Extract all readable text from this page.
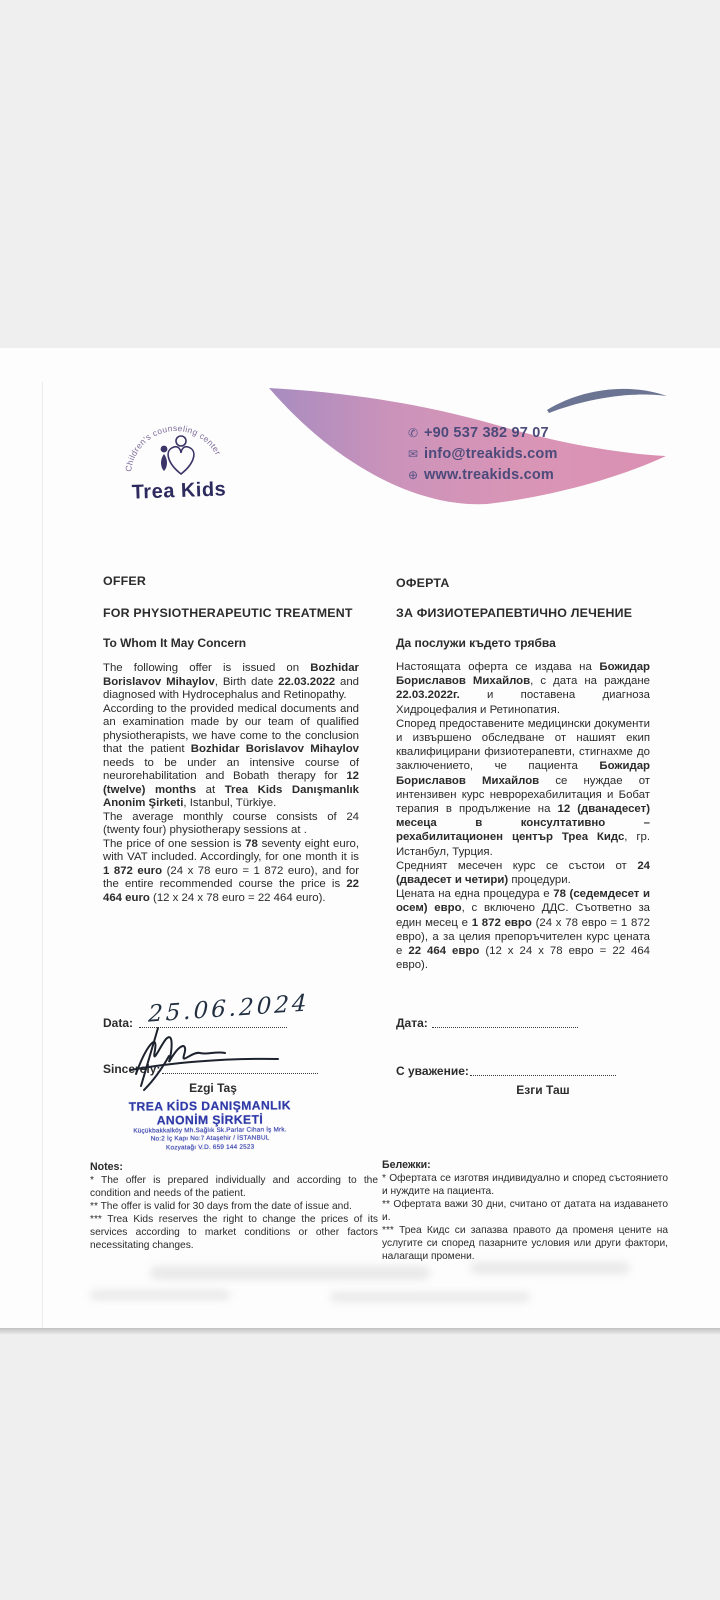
✆ +90 537 382 97 07
✉ info@treakids.com
⊕ www.treakids.com
Children's counseling center
Trea Kids
OFFER
FOR PHYSIOTHERAPEUTIC TREATMENT
To Whom It May Concern

The following offer is issued on Bozhidar Borislavov Mihaylov, Birth date 22.03.2022 and diagnosed with Hydrocephalus and Retinopathy.

According to the provided medical documents and an examination made by our team of qualified physiotherapists, we have come to the conclusion that the patient Bozhidar Borislavov Mihaylov needs to be under an intensive course of neurorehabilitation and Bobath therapy for 12 (twelve) months at Trea Kids Danışmanlık Anonim Şirketi, Istanbul, Türkiye.

The average monthly course consists of 24 (twenty four) physiotherapy sessions at .

The price of one session is 78 seventy eight euro, with VAT included. Accordingly, for one month it is 1 872 euro (24 x 78 euro = 1 872 euro), and for the entire recommended course the price is 22 464 euro (12 x 24 x 78 euro = 22 464 euro).

ОФЕРТА
ЗА ФИЗИОТЕРАПЕВТИЧНО ЛЕЧЕНИЕ
Да послужи където трябва

Настоящата оферта се издава на Божидар Бориславов Михайлов, с дата на раждане 22.03.2022г. и поставена диагноза Хидроцефалия и Ретинопатия.

Според предоставените медицински документи и извършено обследване от нашият екип квалифицирани физиотерапевти, стигнахме до заключението, че пациента Божидар Бориславов Михайлов се нуждае от интензивен курс неврорехабилитация и Бобат терапия в продължение на 12 (дванадесет) месеца в консултативно – рехабилитационен център Треа Кидс, гр. Истанбул, Турция.

Средният месечен курс се състои от 24 (двадесет и четири) процедури.

Цената на една процедура е 78 (седемдесет и осем) евро, с включено ДДС. Съответно за един месец е 1 872 евро (24 x 78 евро = 1 872 евро), а за целия препоръчителен курс цената е 22 464 евро (12 x 24 x 78 евро = 22 464 евро).

Data: 25.06.2024
Sincerely:
Ezgi Taş
Дата:
С уважение:
Езги Таш
TREA KİDS DANIŞMANLIK
ANONİM ŞİRKETİ
Küçükbakkalköy Mh.Sağlık Sk.Parlar Cihan İş Mrk.
No:2 İç Kapı No:7 Ataşehir / İSTANBUL
Kozyatağı V.D. 659 144 2523
Notes:
* The offer is prepared individually and according to the condition and needs of the patient.
** The offer is valid for 30 days from the date of issue and.
*** Trea Kids reserves the right to change the prices of its services according to market conditions or other factors necessitating changes.
Бележки:
* Офертата се изготвя индивидуално и според състоянието и нуждите на пациента.
** Офертата важи 30 дни, считано от датата на издаването и.
*** Треа Кидс си запазва правото да променя цените на услугите си според пазарните условия или други фактори, налагащи промени.
